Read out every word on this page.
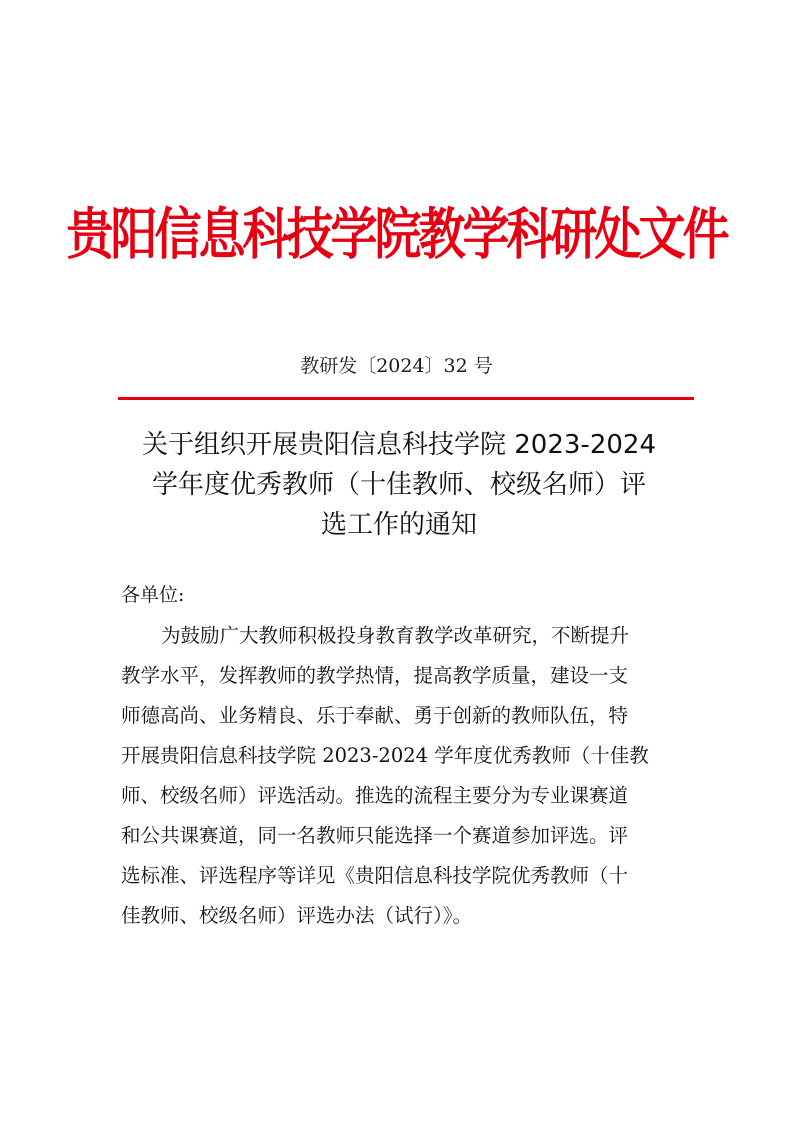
贵阳信息科技学院教学科研处文件
教研发〔2024〕32 号
关于组织开展贵阳信息科技学院 2023-2024
学年度优秀教师（十佳教师、校级名师）评
选工作的通知
各单位:
为鼓励广大教师积极投身教育教学改革研究，不断提升
教学水平，发挥教师的教学热情，提高教学质量，建设一支
师德高尚、业务精良、乐于奉献、勇于创新的教师队伍，特
开展贵阳信息科技学院 2023-2024 学年度优秀教师（十佳教
师、校级名师）评选活动。推选的流程主要分为专业课赛道
和公共课赛道，同一名教师只能选择一个赛道参加评选。评
选标准、评选程序等详见《贵阳信息科技学院优秀教师（十
佳教师、校级名师）评选办法（试行）》。
